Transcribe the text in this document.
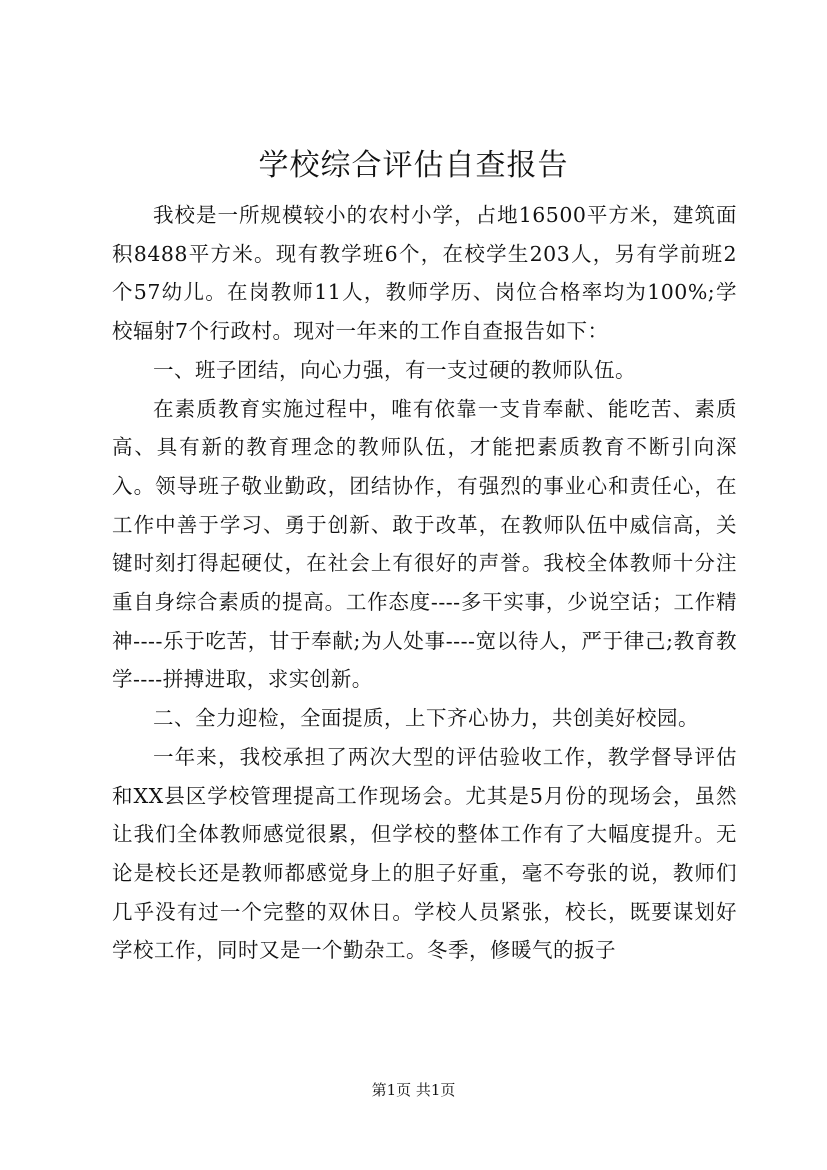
学校综合评估自查报告

我校是一所规模较小的农村小学，占地16500平方米，建筑面积8488平方米。现有教学班6个，在校学生203人，另有学前班2个57幼儿。在岗教师11人，教师学历、岗位合格率均为100%;学校辐射7个行政村。现对一年来的工作自查报告如下：

一、班子团结，向心力强，有一支过硬的教师队伍。

在素质教育实施过程中，唯有依靠一支肯奉献、能吃苦、素质高、具有新的教育理念的教师队伍，才能把素质教育不断引向深入。领导班子敬业勤政，团结协作，有强烈的事业心和责任心，在工作中善于学习、勇于创新、敢于改革，在教师队伍中威信高，关键时刻打得起硬仗，在社会上有很好的声誉。我校全体教师十分注重自身综合素质的提高。工作态度----多干实事，少说空话；工作精神----乐于吃苦，甘于奉献;为人处事----宽以待人，严于律己;教育教学----拼搏进取，求实创新。

二、全力迎检，全面提质，上下齐心协力，共创美好校园。

一年来，我校承担了两次大型的评估验收工作，教学督导评估和XX县区学校管理提高工作现场会。尤其是5月份的现场会，虽然让我们全体教师感觉很累，但学校的整体工作有了大幅度提升。无论是校长还是教师都感觉身上的胆子好重，毫不夸张的说，教师们几乎没有过一个完整的双休日。学校人员紧张，校长，既要谋划好学校工作，同时又是一个勤杂工。冬季，修暖气的扳子

第1页 共1页
